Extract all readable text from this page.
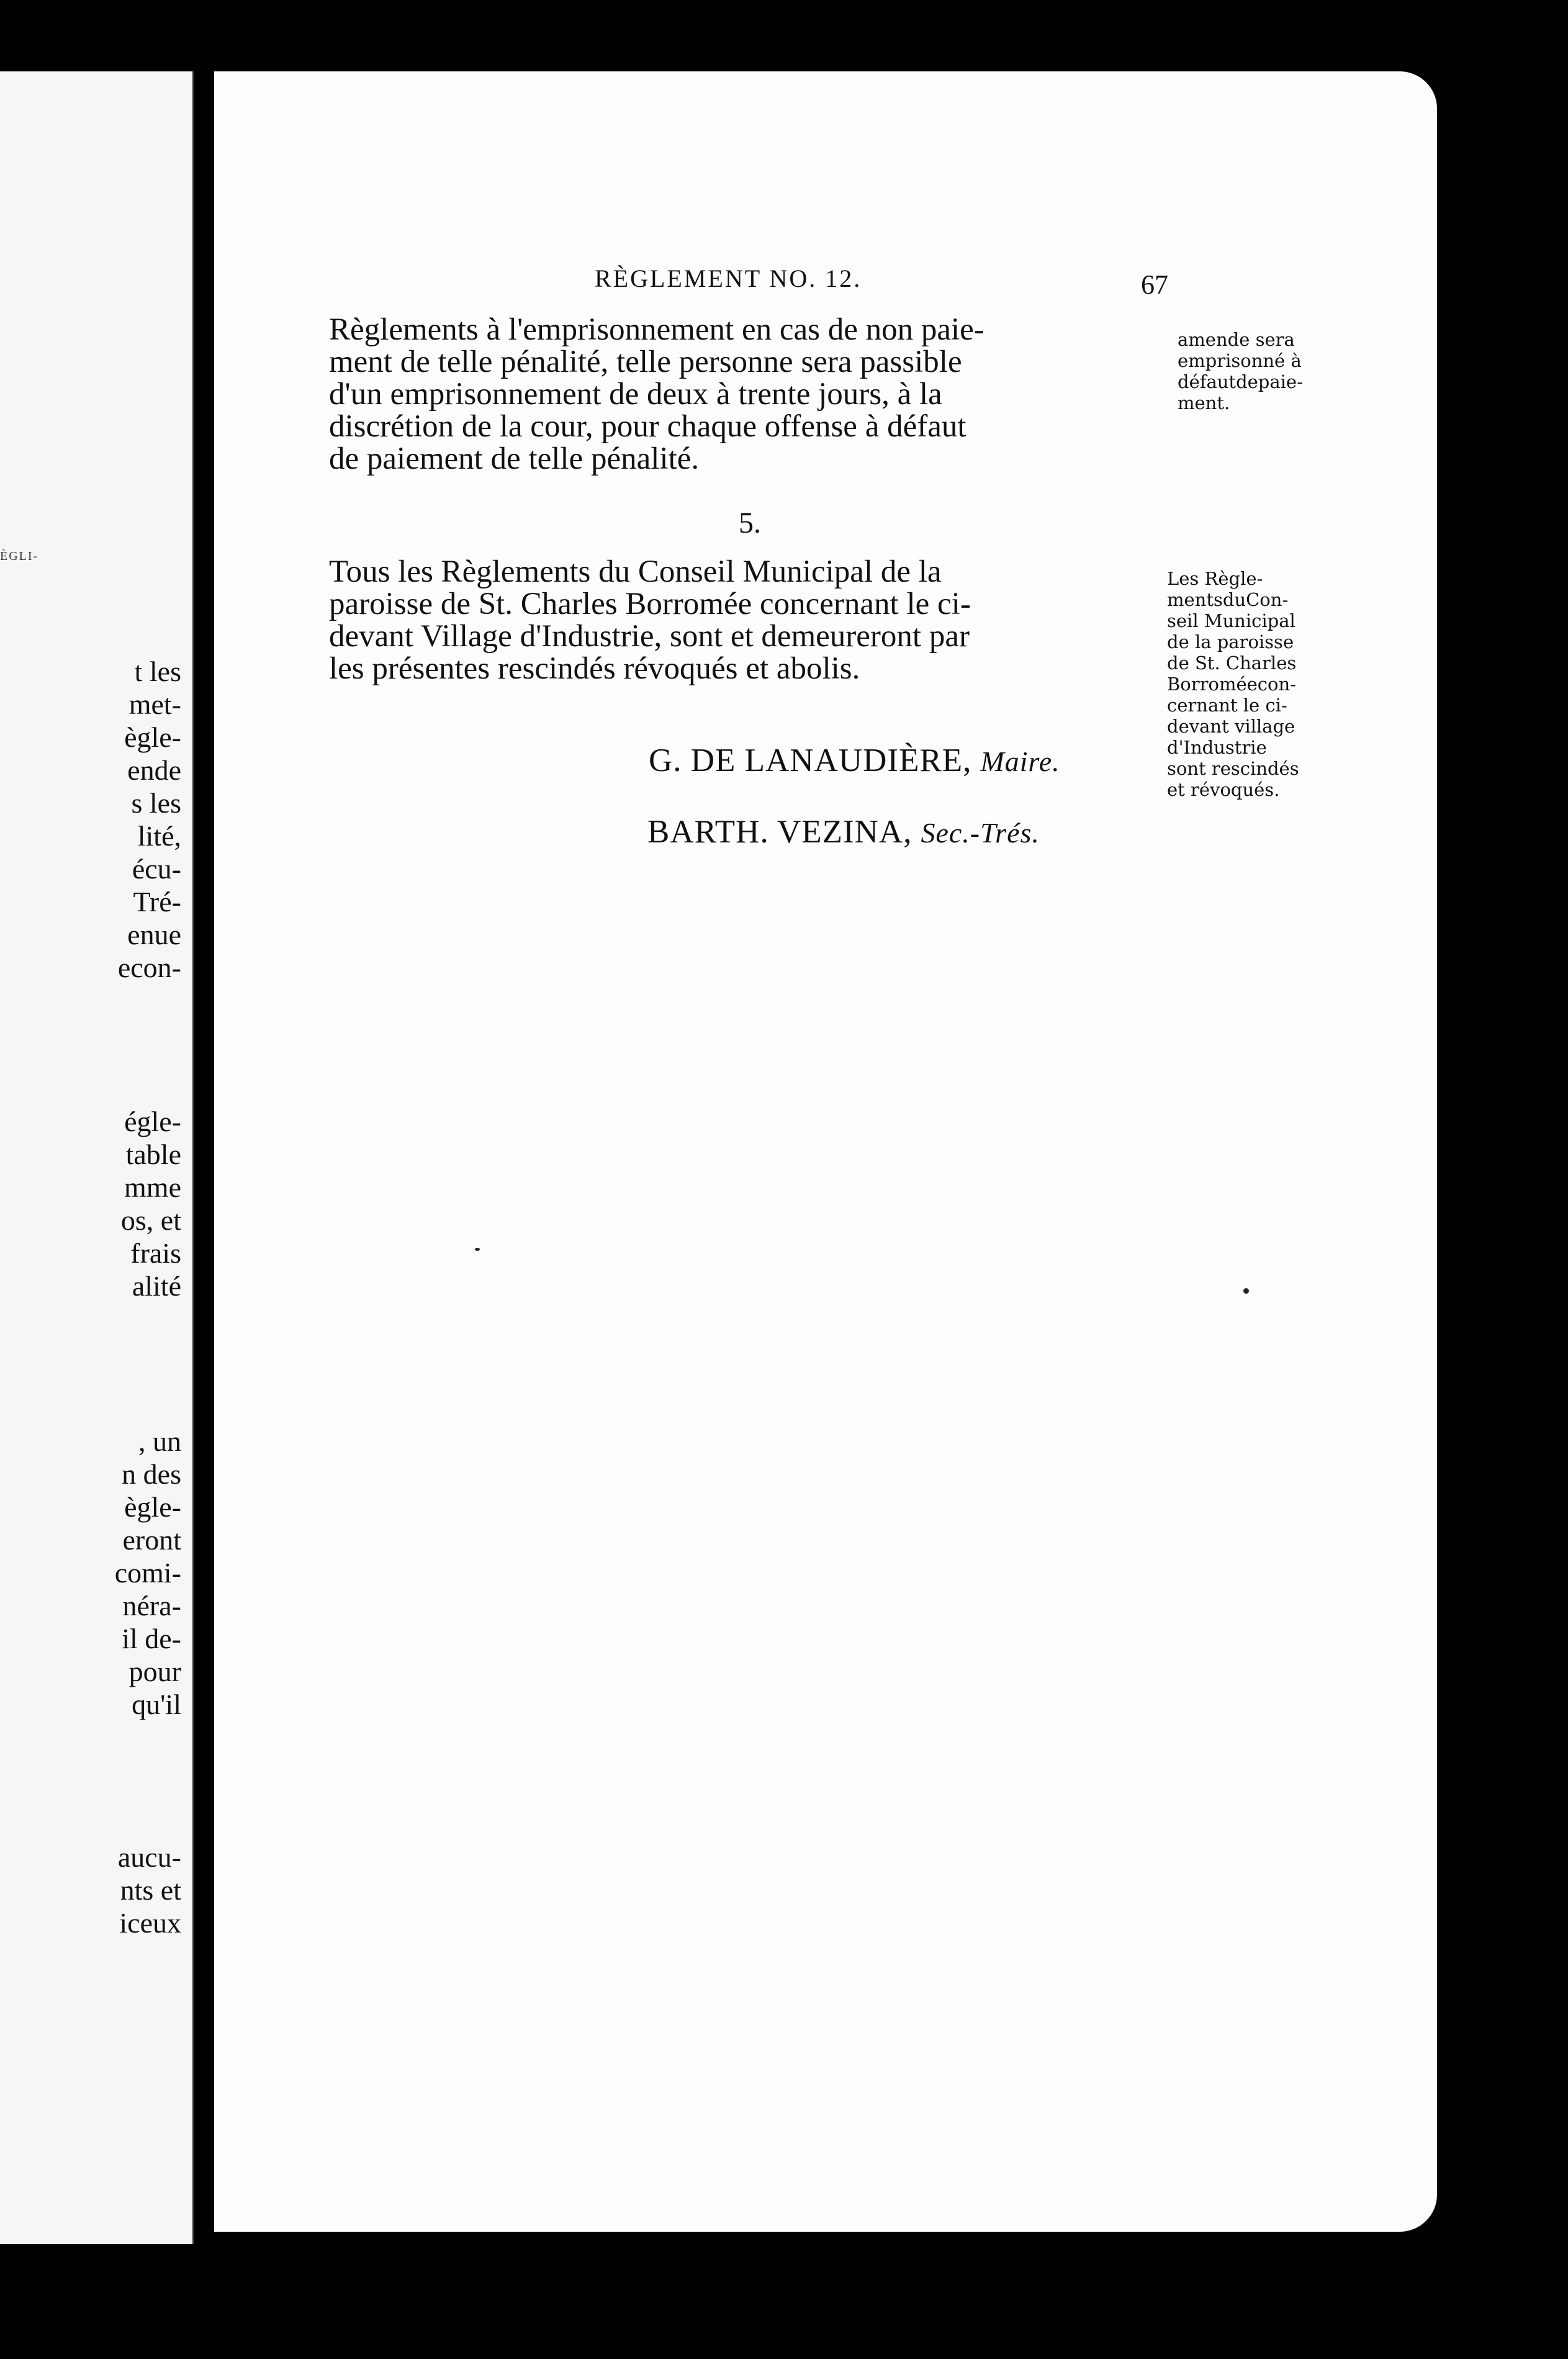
ÈGLI-
t les
met-
ègle-
ende
s les
lité,
écu-
Tré-
enue
econ-
égle-
table
mme
os, et
frais
alité
, un
n des
ègle-
eront
comi-
néra-
il de-
pour
qu'il
aucu-
nts et
iceux
RÈGLEMENT NO. 12.	67
Règlements à l'emprisonnement en cas de non paie-
ment de telle pénalité, telle personne sera passible
d'un emprisonnement de deux à trente jours, à la
discrétion de la cour, pour chaque offense à défaut
de paiement de telle pénalité.
amende sera
emprisonné à
défautdepaie-
ment.
5.
Tous les Règlements du Conseil Municipal de la
paroisse de St. Charles Borromée concernant le ci-
devant Village d'Industrie, sont et demeureront par
les présentes rescindés révoqués et abolis.
Les Règle-
mentsduCon-
seil Municipal
de la paroisse
de St. Charles
Borroméecon-
cernant le ci-
devant village
d'Industrie
sont rescindés
et révoqués.
G. DE LANAUDIÈRE, Maire.
BARTH. VEZINA, Sec.-Trés.
